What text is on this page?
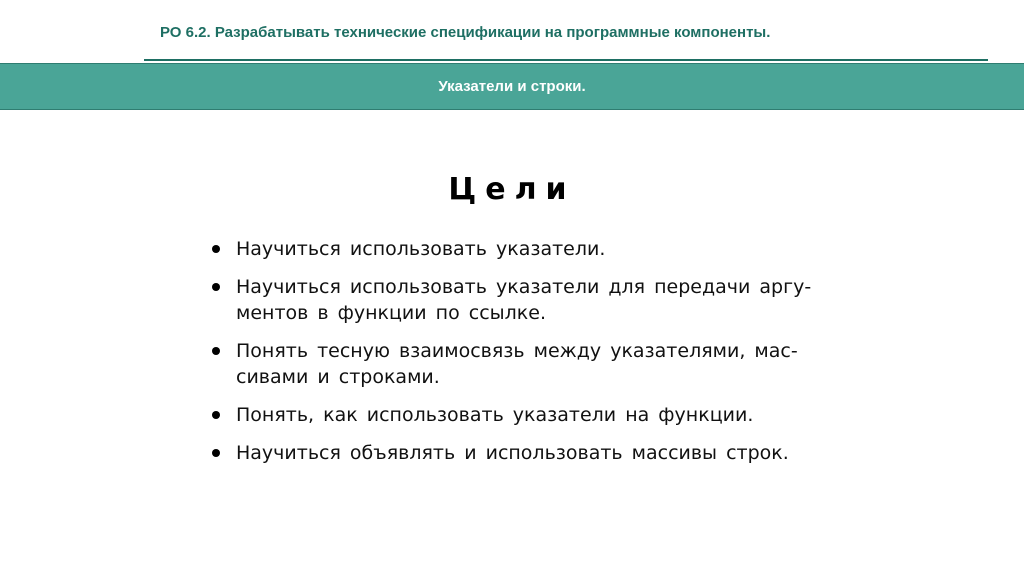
РО 6.2. Разрабатывать технические спецификации на программные компоненты.
Указатели и строки.
Цели
Научиться использовать указатели.
Научиться использовать указатели для передачи аргу-
ментов в функции по ссылке.
Понять тесную взаимосвязь между указателями, мас-
сивами и строками.
Понять, как использовать указатели на функции.
Научиться объявлять и использовать массивы строк.
